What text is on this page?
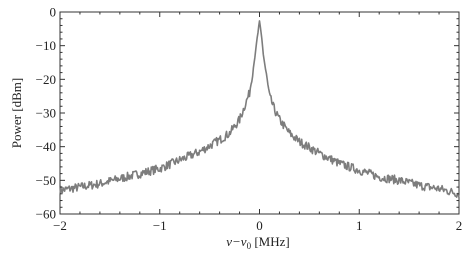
−2	−1	0	1	2
0
−10
−20
−30
−40
−50
−60
$\nu-\nu_0$ [MHz]
Power [dBm]
